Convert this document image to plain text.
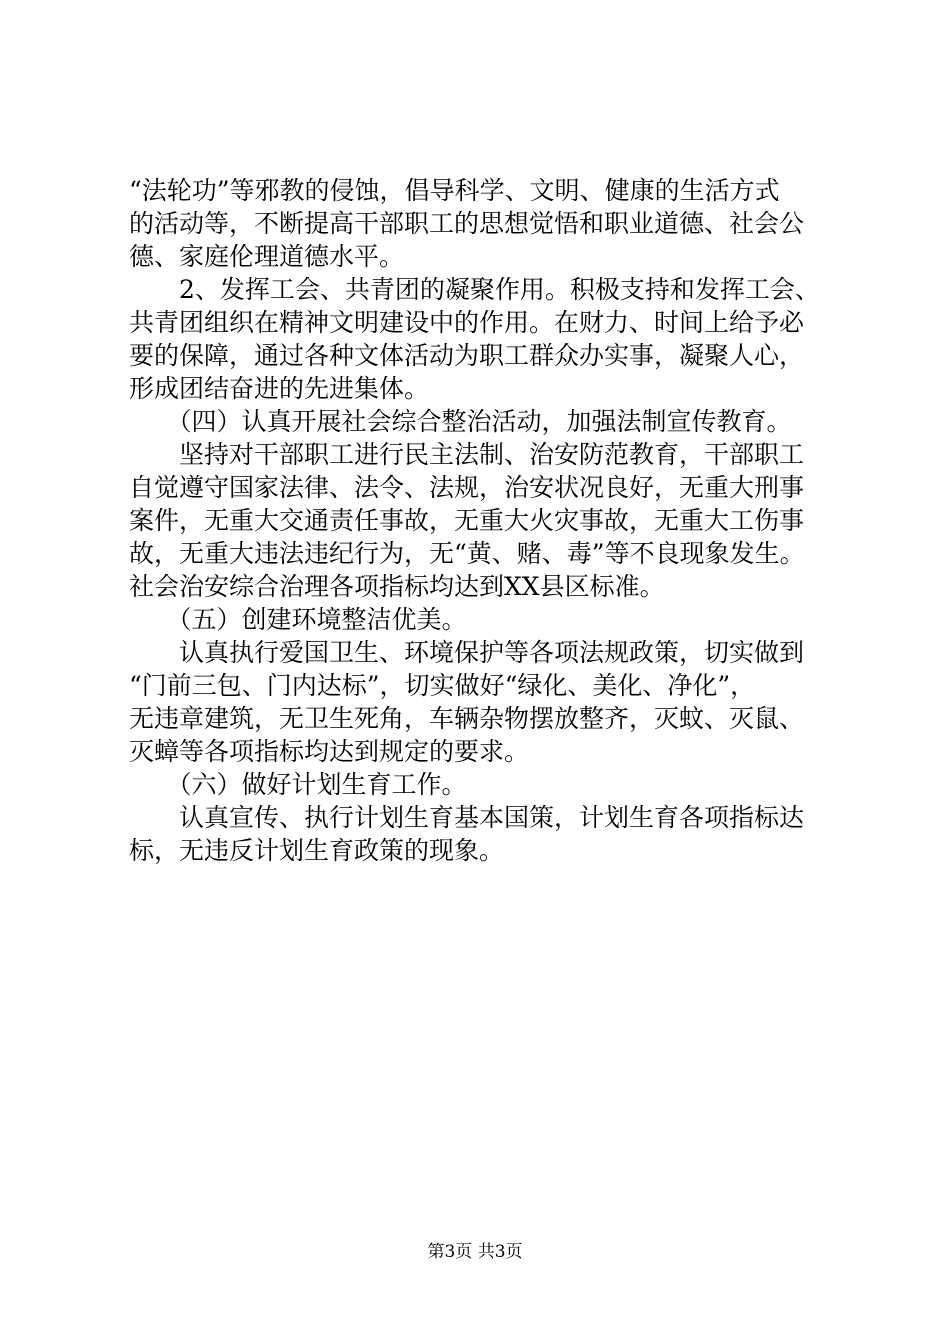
“法轮功”等邪教的侵蚀，倡导科学、文明、健康的生活方式
的活动等，不断提高干部职工的思想觉悟和职业道德、社会公
德、家庭伦理道德水平。
　　2、发挥工会、共青团的凝聚作用。积极支持和发挥工会、
共青团组织在精神文明建设中的作用。在财力、时间上给予必
要的保障，通过各种文体活动为职工群众办实事，凝聚人心，
形成团结奋进的先进集体。
　　（四）认真开展社会综合整治活动，加强法制宣传教育。
　　坚持对干部职工进行民主法制、治安防范教育，干部职工
自觉遵守国家法律、法令、法规，治安状况良好，无重大刑事
案件，无重大交通责任事故，无重大火灾事故，无重大工伤事
故，无重大违法违纪行为，无“黄、赌、毒”等不良现象发生。
社会治安综合治理各项指标均达到XX县区标准。
　　（五）创建环境整洁优美。
　　认真执行爱国卫生、环境保护等各项法规政策，切实做到
“门前三包、门内达标”，切实做好“绿化、美化、净化”，
无违章建筑，无卫生死角，车辆杂物摆放整齐，灭蚊、灭鼠、
灭蟑等各项指标均达到规定的要求。
　　（六）做好计划生育工作。
　　认真宣传、执行计划生育基本国策，计划生育各项指标达
标，无违反计划生育政策的现象。
第3页 共3页
